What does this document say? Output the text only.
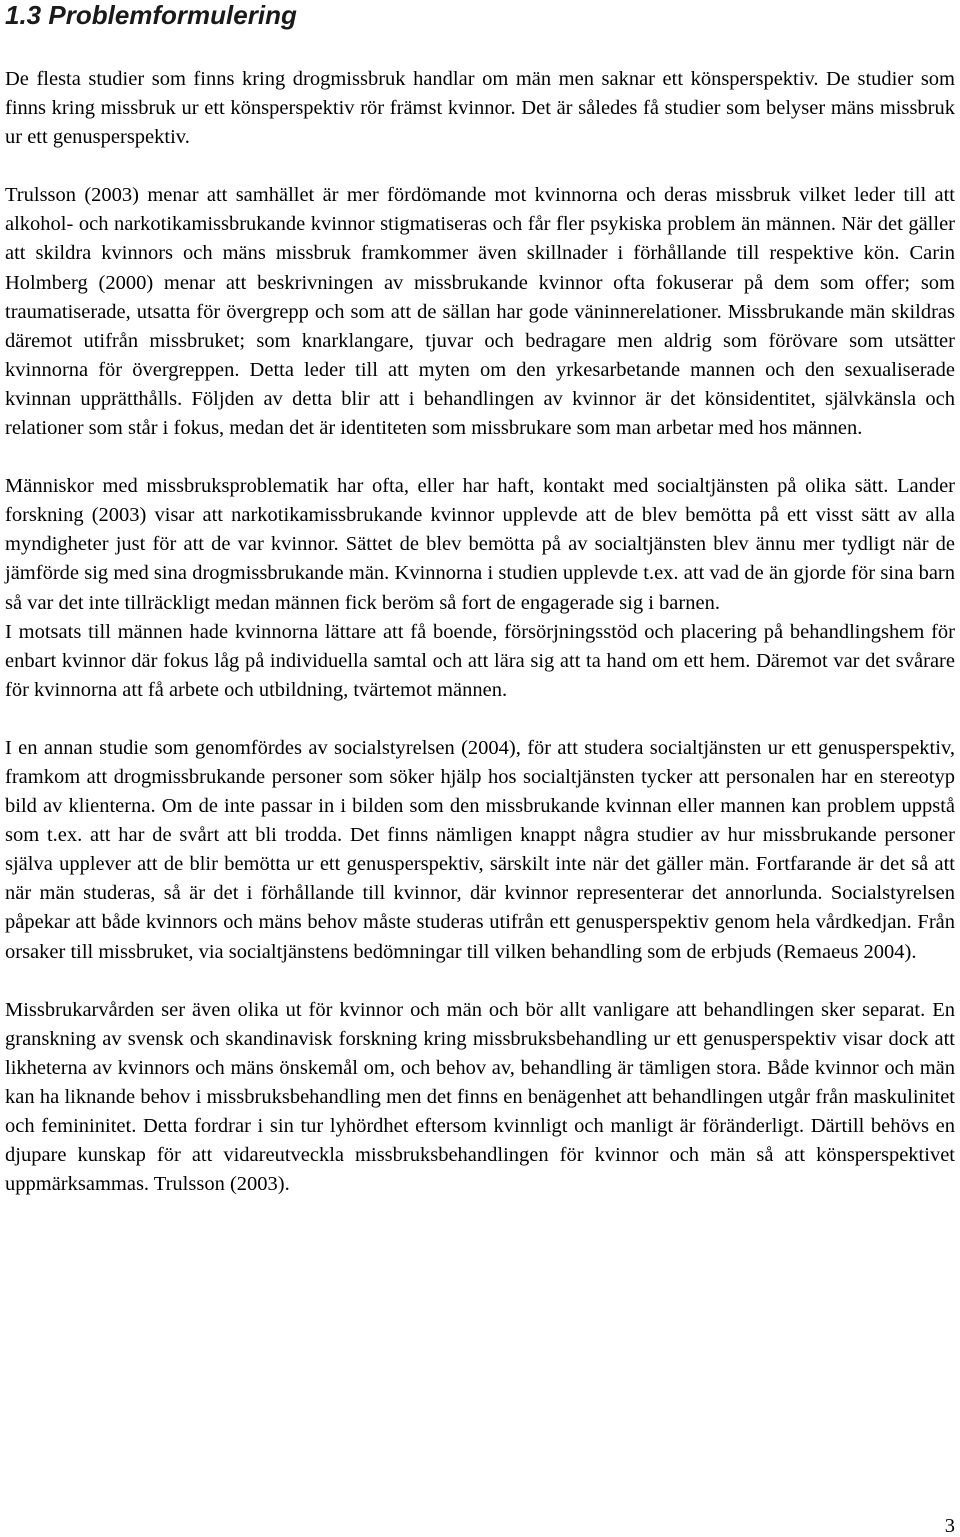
1.3 Problemformulering

De flesta studier som finns kring drogmissbruk handlar om män men saknar ett könsperspektiv. De studier som finns kring missbruk ur ett könsperspektiv rör främst kvinnor. Det är således få studier som belyser mäns missbruk ur ett genusperspektiv.

Trulsson (2003) menar att samhället är mer fördömande mot kvinnorna och deras missbruk vilket leder till att alkohol- och narkotikamissbrukande kvinnor stigmatiseras och får fler psykiska problem än männen. När det gäller att skildra kvinnors och mäns missbruk framkommer även skillnader i förhållande till respektive kön. Carin Holmberg (2000) menar att beskrivningen av missbrukande kvinnor ofta fokuserar på dem som offer; som traumatiserade, utsatta för övergrepp och som att de sällan har gode väninnerelationer. Missbrukande män skildras däremot utifrån missbruket; som knarklangare, tjuvar och bedragare men aldrig som förövare som utsätter kvinnorna för övergreppen. Detta leder till att myten om den yrkesarbetande mannen och den sexualiserade kvinnan upprätthålls. Följden av detta blir att i behandlingen av kvinnor är det könsidentitet, självkänsla och relationer som står i fokus, medan det är identiteten som missbrukare som man arbetar med hos männen.

Människor med missbruksproblematik har ofta, eller har haft, kontakt med socialtjänsten på olika sätt. Lander forskning (2003) visar att narkotikamissbrukande kvinnor upplevde att de blev bemötta på ett visst sätt av alla myndigheter just för att de var kvinnor. Sättet de blev bemötta på av socialtjänsten blev ännu mer tydligt när de jämförde sig med sina drogmissbrukande män. Kvinnorna i studien upplevde t.ex. att vad de än gjorde för sina barn så var det inte tillräckligt medan männen fick beröm så fort de engagerade sig i barnen.

I motsats till männen hade kvinnorna lättare att få boende, försörjningsstöd och placering på behandlingshem för enbart kvinnor där fokus låg på individuella samtal och att lära sig att ta hand om ett hem. Däremot var det svårare för kvinnorna att få arbete och utbildning, tvärtemot männen.

I en annan studie som genomfördes av socialstyrelsen (2004), för att studera socialtjänsten ur ett genusperspektiv, framkom att drogmissbrukande personer som söker hjälp hos socialtjänsten tycker att personalen har en stereotyp bild av klienterna. Om de inte passar in i bilden som den missbrukande kvinnan eller mannen kan problem uppstå som t.ex. att har de svårt att bli trodda. Det finns nämligen knappt några studier av hur missbrukande personer själva upplever att de blir bemötta ur ett genusperspektiv, särskilt inte när det gäller män. Fortfarande är det så att när män studeras, så är det i förhållande till kvinnor, där kvinnor representerar det annorlunda. Socialstyrelsen påpekar att både kvinnors och mäns behov måste studeras utifrån ett genusperspektiv genom hela vårdkedjan. Från orsaker till missbruket, via socialtjänstens bedömningar till vilken behandling som de erbjuds (Remaeus 2004).

Missbrukarvården ser även olika ut för kvinnor och män och bör allt vanligare att behandlingen sker separat. En granskning av svensk och skandinavisk forskning kring missbruksbehandling ur ett genusperspektiv visar dock att likheterna av kvinnors och mäns önskemål om, och behov av, behandling är tämligen stora. Både kvinnor och män kan ha liknande behov i missbruksbehandling men det finns en benägenhet att behandlingen utgår från maskulinitet och femininitet. Detta fordrar i sin tur lyhördhet eftersom kvinnligt och manligt är föränderligt. Därtill behövs en djupare kunskap för att vidareutveckla missbruksbehandlingen för kvinnor och män så att könsperspektivet uppmärksammas. Trulsson (2003).

3
